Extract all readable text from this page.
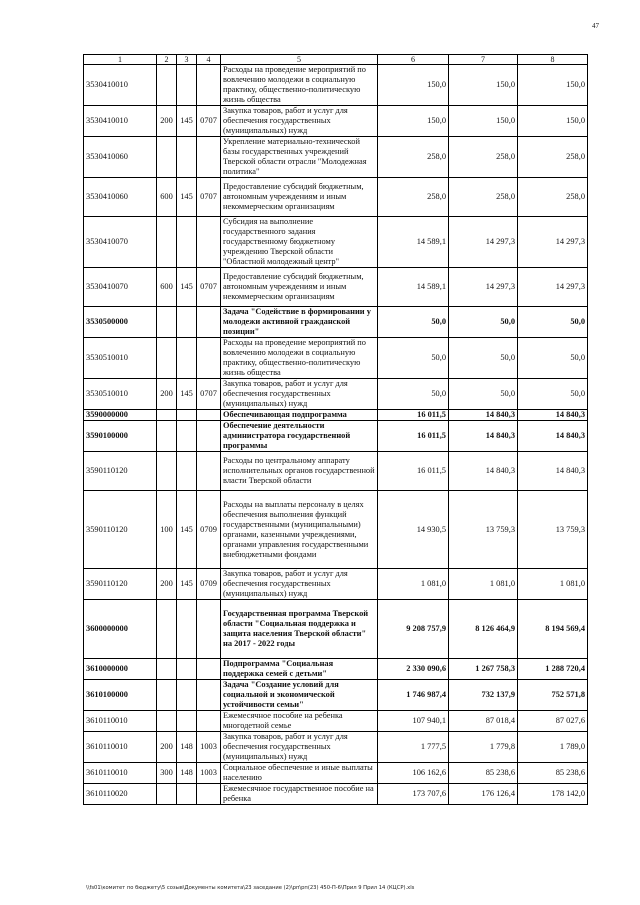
47
1	2	3	4	5	6	7	8
3530410010				Расходы на проведение мероприятий по вовлечению молодежи в социальную практику, общественно-политическую жизнь общества	150,0	150,0	150,0
3530410010	200	145	0707	Закупка товаров, работ и услуг для обеспечения государственных (муниципальных) нужд	150,0	150,0	150,0
3530410060				Укрепление материально-технической базы государственных учреждений Тверской области отрасли "Молодежная политика"	258,0	258,0	258,0
3530410060	600	145	0707	Предоставление субсидий бюджетным, автономным учреждениям и иным некоммерческим организациям	258,0	258,0	258,0
3530410070				Субсидия на выполнение государственного задания государственному бюджетному учреждению Тверской области "Областной молодежный центр"	14 589,1	14 297,3	14 297,3
3530410070	600	145	0707	Предоставление субсидий бюджетным, автономным учреждениям и иным некоммерческим организациям	14 589,1	14 297,3	14 297,3
3530500000				Задача "Содействие в формировании у молодежи активной гражданской позиции"	50,0	50,0	50,0
3530510010				Расходы на проведение мероприятий по вовлечению молодежи в социальную практику, общественно-политическую жизнь общества	50,0	50,0	50,0
3530510010	200	145	0707	Закупка товаров, работ и услуг для обеспечения государственных (муниципальных) нужд	50,0	50,0	50,0
3590000000				Обеспечивающая подпрограмма	16 011,5	14 840,3	14 840,3
3590100000				Обеспечение деятельности администратора государственной программы	16 011,5	14 840,3	14 840,3
3590110120				Расходы по центральному аппарату исполнительных органов государственной власти Тверской области	16 011,5	14 840,3	14 840,3
3590110120	100	145	0709	Расходы на выплаты персоналу в целях обеспечения выполнения функций государственными (муниципальными) органами, казенными учреждениями, органами управления государственными внебюджетными фондами	14 930,5	13 759,3	13 759,3
3590110120	200	145	0709	Закупка товаров, работ и услуг для обеспечения государственных (муниципальных) нужд	1 081,0	1 081,0	1 081,0
3600000000				Государственная программа Тверской области "Социальная поддержка и защита населения Тверской области" на 2017 - 2022 годы	9 208 757,9	8 126 464,9	8 194 569,4
3610000000				Подпрограмма "Социальная поддержка семей с детьми"	2 330 090,6	1 267 758,3	1 288 720,4
3610100000				Задача "Создание условий для социальной и экономической устойчивости семьи"	1 746 987,4	732 137,9	752 571,8
3610110010				Ежемесячное пособие на ребенка многодетной семье	107 940,1	87 018,4	87 027,6
3610110010	200	148	1003	Закупка товаров, работ и услуг для обеспечения государственных (муниципальных) нужд	1 777,5	1 779,8	1 789,0
3610110010	300	148	1003	Социальное обеспечение и иные выплаты населению	106 162,6	85 238,6	85 238,6
3610110020				Ежемесячное государственное пособие на ребенка	173 707,6	176 126,4	178 142,0
\\fs01\комитет по бюджету\5 созыв\Документы комитета\23 заседание (2)\рп\рп(23) 450-П-6\Прил 9 Прил 14 (КЦСР).xls
